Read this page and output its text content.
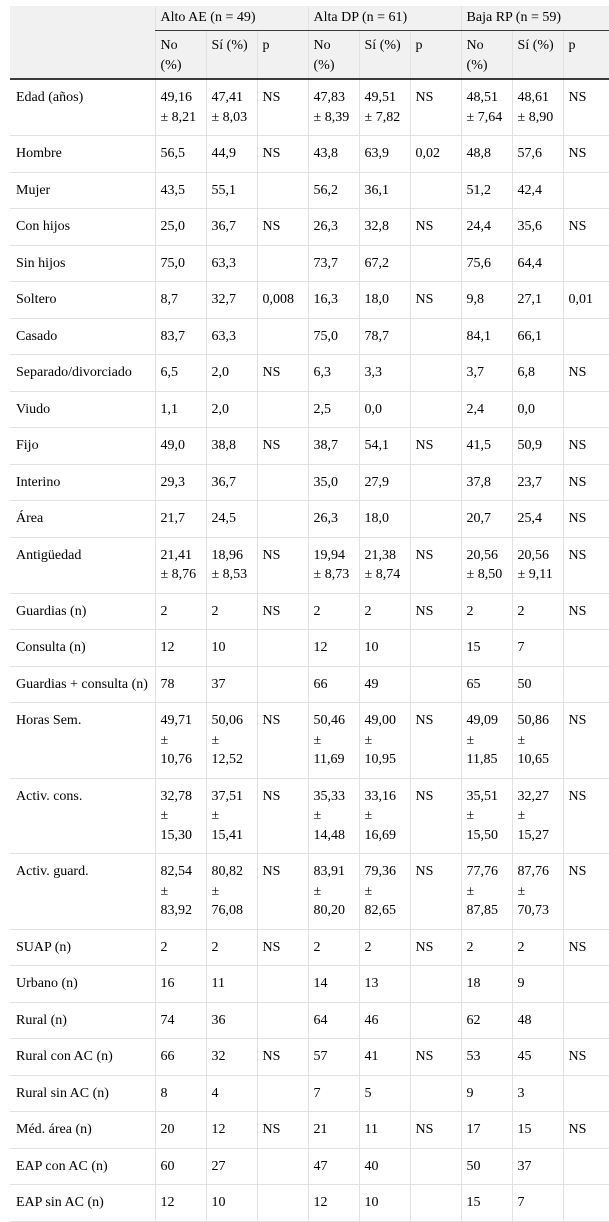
	Alto AE (n = 49)			Alta DP (n = 61)			Baja RP (n = 59)		
	No (%)	Sí (%)	p	No (%)	Sí (%)	p	No (%)	Sí (%)	p
Edad (años)	49,16 ± 8,21	47,41 ± 8,03	NS	47,83 ± 8,39	49,51 ± 7,82	NS	48,51 ± 7,64	48,61 ± 8,90	NS
Hombre	56,5	44,9	NS	43,8	63,9	0,02	48,8	57,6	NS
Mujer	43,5	55,1		56,2	36,1		51,2	42,4	
Con hijos	25,0	36,7	NS	26,3	32,8	NS	24,4	35,6	NS
Sin hijos	75,0	63,3		73,7	67,2		75,6	64,4	
Soltero	8,7	32,7	0,008	16,3	18,0	NS	9,8	27,1	0,01
Casado	83,7	63,3		75,0	78,7		84,1	66,1	
Separado/divorciado	6,5	2,0	NS	6,3	3,3		3,7	6,8	NS
Viudo	1,1	2,0		2,5	0,0		2,4	0,0	
Fijo	49,0	38,8	NS	38,7	54,1	NS	41,5	50,9	NS
Interino	29,3	36,7		35,0	27,9		37,8	23,7	NS
Área	21,7	24,5		26,3	18,0		20,7	25,4	NS
Antigüedad	21,41 ± 8,76	18,96 ± 8,53	NS	19,94 ± 8,73	21,38 ± 8,74	NS	20,56 ± 8,50	20,56 ± 9,11	NS
Guardias (n)	2	2	NS	2	2	NS	2	2	NS
Consulta (n)	12	10		12	10		15	7	
Guardias + consulta (n)	78	37		66	49		65	50	
Horas Sem.	49,71 ± 10,76	50,06 ± 12,52	NS	50,46 ± 11,69	49,00 ± 10,95	NS	49,09 ± 11,85	50,86 ± 10,65	NS
Activ. cons.	32,78 ± 15,30	37,51 ± 15,41	NS	35,33 ± 14,48	33,16 ± 16,69	NS	35,51 ± 15,50	32,27 ± 15,27	NS
Activ. guard.	82,54 ± 83,92	80,82 ± 76,08	NS	83,91 ± 80,20	79,36 ± 82,65	NS	77,76 ± 87,85	87,76 ± 70,73	NS
SUAP (n)	2	2	NS	2	2	NS	2	2	NS
Urbano (n)	16	11		14	13		18	9	
Rural (n)	74	36		64	46		62	48	
Rural con AC (n)	66	32	NS	57	41	NS	53	45	NS
Rural sin AC (n)	8	4		7	5		9	3	
Méd. área (n)	20	12	NS	21	11	NS	17	15	NS
EAP con AC (n)	60	27		47	40		50	37	
EAP sin AC (n)	12	10		12	10		15	7	
